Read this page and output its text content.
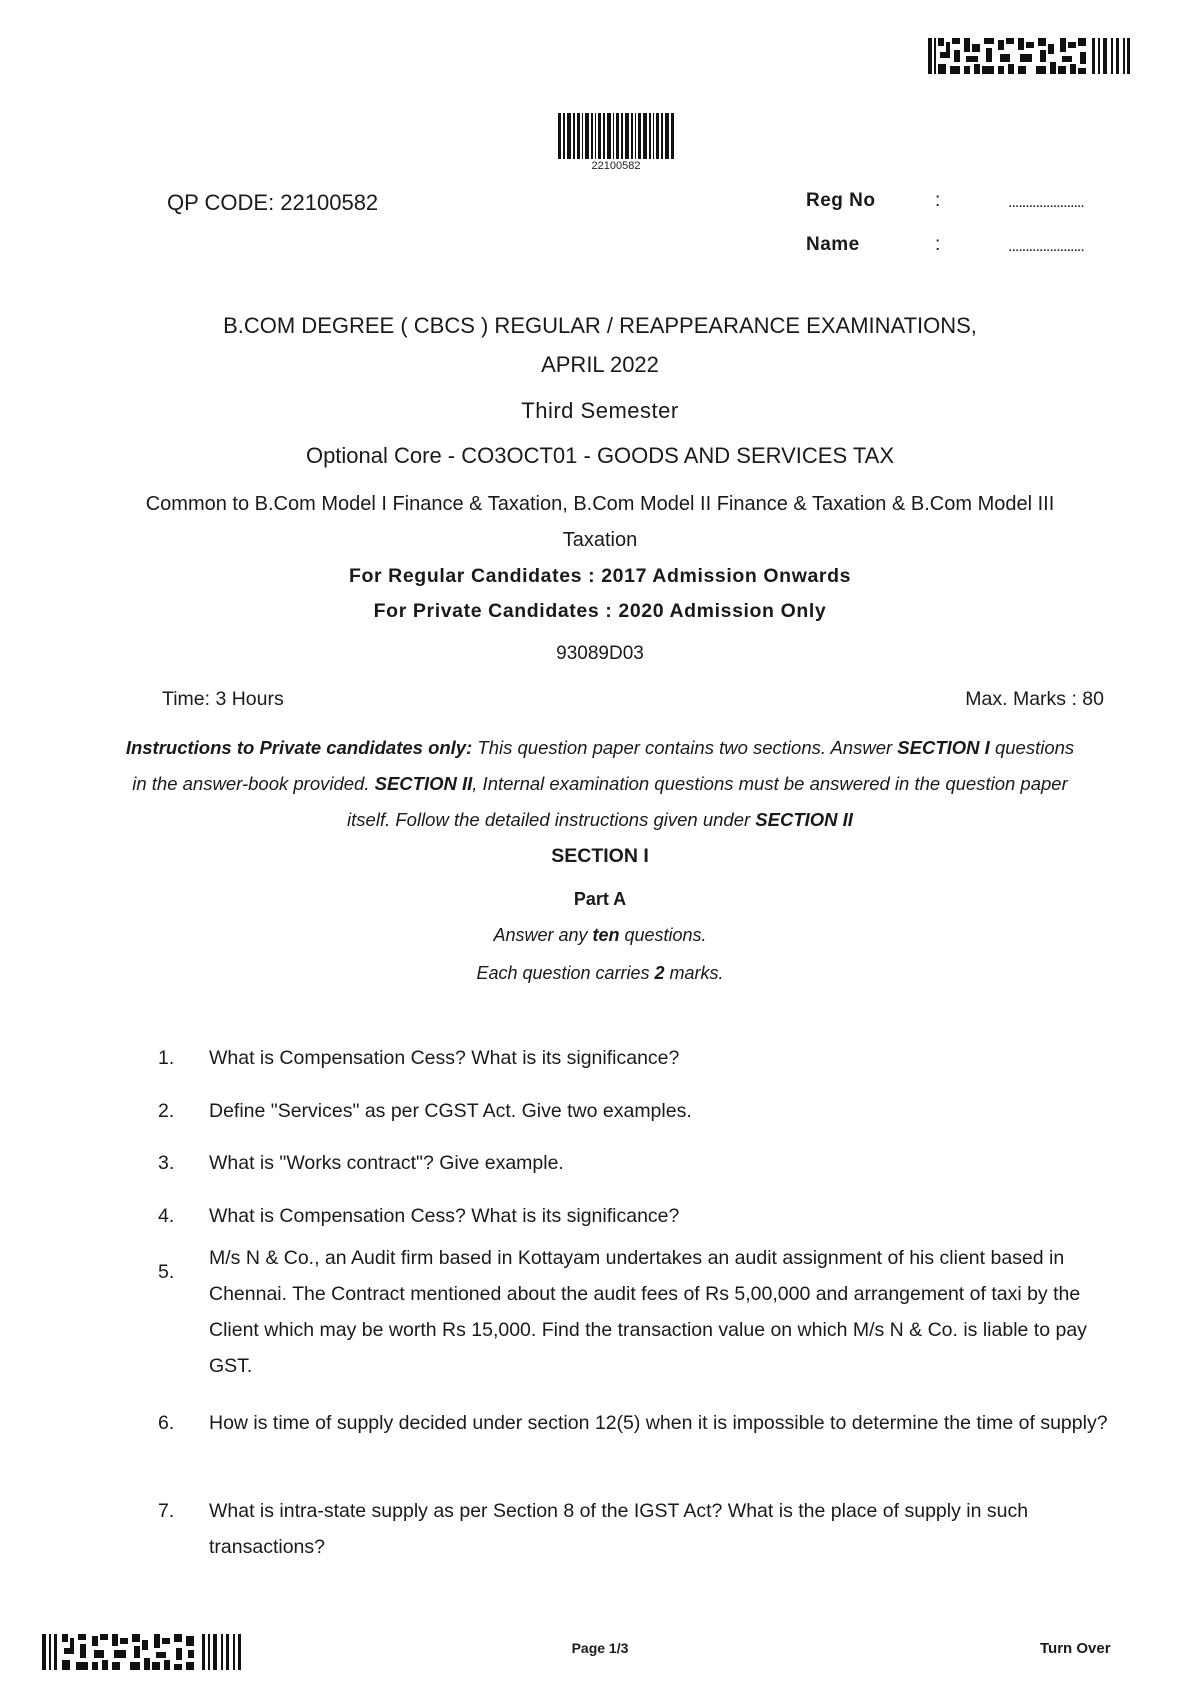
22100582
QP CODE: 22100582	Reg No	:	......................
Name	:	......................
B.COM DEGREE ( CBCS ) REGULAR / REAPPEARANCE EXAMINATIONS,
APRIL 2022
Third Semester
Optional Core - CO3OCT01 - GOODS AND SERVICES TAX
Common to B.Com Model I Finance & Taxation, B.Com Model II Finance & Taxation & B.Com Model III Taxation
For Regular Candidates : 2017 Admission Onwards
For Private Candidates : 2020 Admission Only
93089D03
Time: 3 Hours	Max. Marks : 80
Instructions to Private candidates only: This question paper contains two sections. Answer SECTION I questions in the answer-book provided. SECTION II, Internal examination questions must be answered in the question paper itself. Follow the detailed instructions given under SECTION II
SECTION I
Part A
Answer any ten questions.
Each question carries 2 marks.
1. What is Compensation Cess? What is its significance?
2. Define "Services" as per CGST Act. Give two examples.
3. What is "Works contract"? Give example.
4. What is Compensation Cess? What is its significance?
5.
M/s N & Co., an Audit firm based in Kottayam undertakes an audit assignment of his client based in Chennai. The Contract mentioned about the audit fees of Rs 5,00,000 and arrangement of taxi by the Client which may be worth Rs 15,000. Find the transaction value on which M/s N & Co. is liable to pay GST.
6. How is time of supply decided under section 12(5) when it is impossible to determine the time of supply?
7. What is intra-state supply as per Section 8 of the IGST Act? What is the place of supply in such transactions?
Page 1/3	Turn Over
